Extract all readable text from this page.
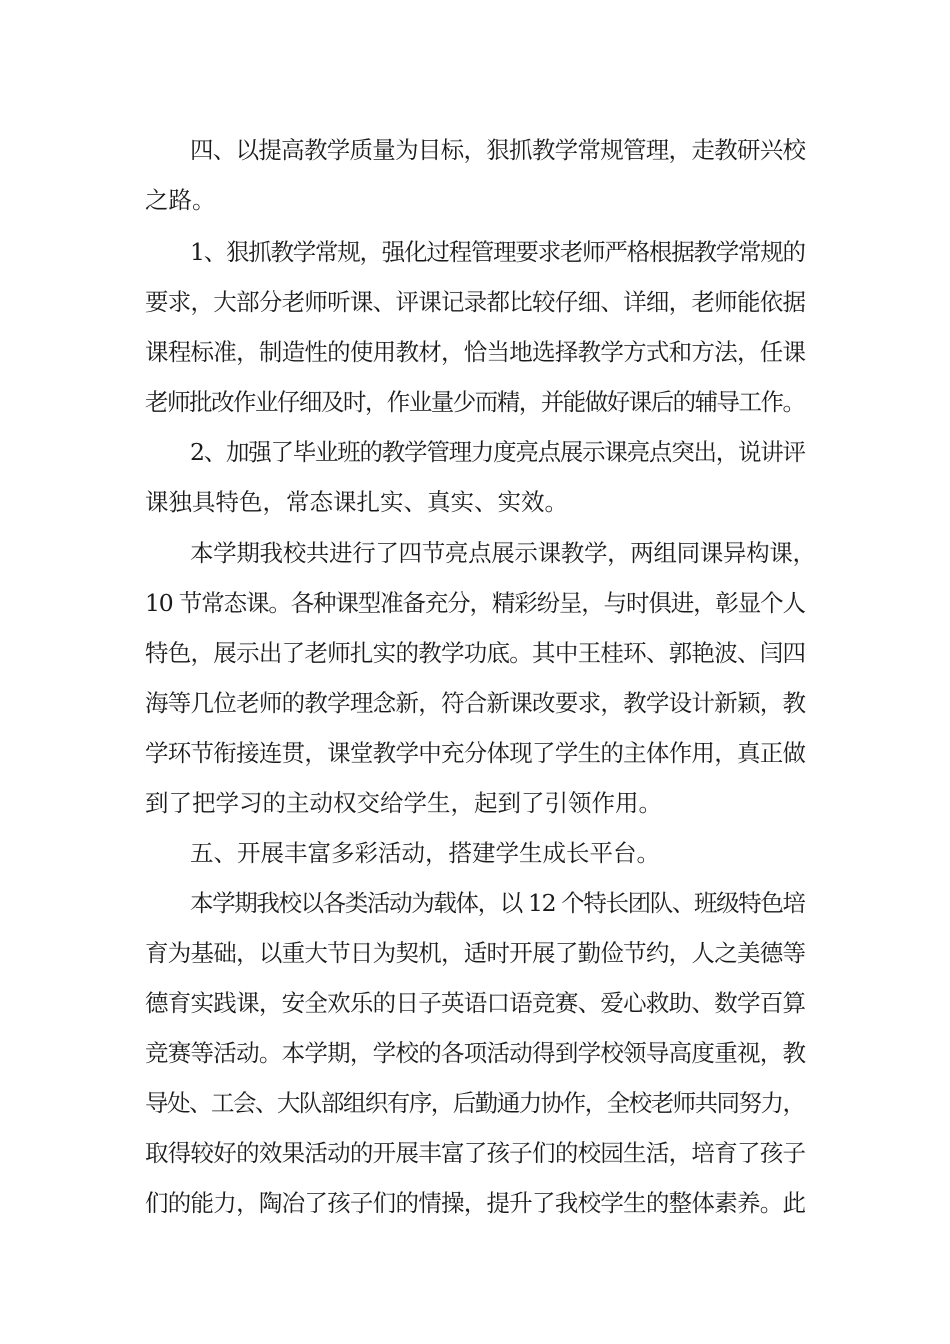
四、以提高教学质量为目标，狠抓教学常规管理，走教研兴校
之路。
1、狠抓教学常规，强化过程管理要求老师严格根据教学常规的
要求，大部分老师听课、评课记录都比较仔细、详细，老师能依据
课程标准，制造性的使用教材，恰当地选择教学方式和方法，任课
老师批改作业仔细及时，作业量少而精，并能做好课后的辅导工作。
2、加强了毕业班的教学管理力度亮点展示课亮点突出，说讲评
课独具特色，常态课扎实、真实、实效。
本学期我校共进行了四节亮点展示课教学，两组同课异构课，
10 节常态课。各种课型准备充分，精彩纷呈，与时俱进，彰显个人
特色，展示出了老师扎实的教学功底。其中王桂环、郭艳波、闫四
海等几位老师的教学理念新，符合新课改要求，教学设计新颖，教
学环节衔接连贯，课堂教学中充分体现了学生的主体作用，真正做
到了把学习的主动权交给学生，起到了引领作用。
五、开展丰富多彩活动，搭建学生成长平台。
本学期我校以各类活动为载体，以 12 个特长团队、班级特色培
育为基础，以重大节日为契机，适时开展了勤俭节约，人之美德等
德育实践课，安全欢乐的日子英语口语竞赛、爱心救助、数学百算
竞赛等活动。本学期，学校的各项活动得到学校领导高度重视，教
导处、工会、大队部组织有序，后勤通力协作，全校老师共同努力，
取得较好的效果活动的开展丰富了孩子们的校园生活，培育了孩子
们的能力，陶冶了孩子们的情操，提升了我校学生的整体素养。此
